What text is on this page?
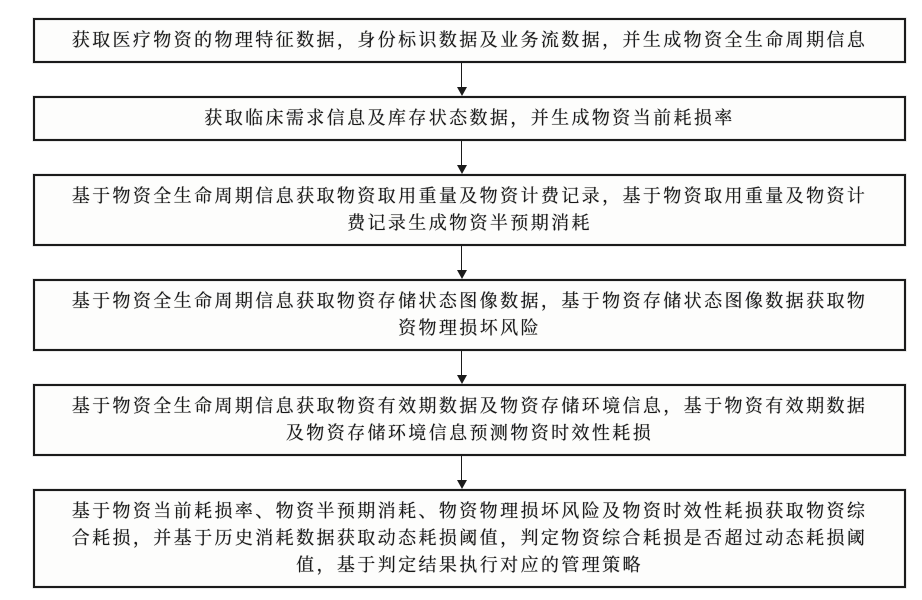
获取医疗物资的物理特征数据，身份标识数据及业务流数据，并生成物资全生命周期信息
获取临床需求信息及库存状态数据，并生成物资当前耗损率
基于物资全生命周期信息获取物资取用重量及物资计费记录，基于物资取用重量及物资计
费记录生成物资半预期消耗
基于物资全生命周期信息获取物资存储状态图像数据，基于物资存储状态图像数据获取物
资物理损坏风险
基于物资全生命周期信息获取物资有效期数据及物资存储环境信息，基于物资有效期数据
及物资存储环境信息预测物资时效性耗损
基于物资当前耗损率、物资半预期消耗、物资物理损坏风险及物资时效性耗损获取物资综
合耗损，并基于历史消耗数据获取动态耗损阈值，判定物资综合耗损是否超过动态耗损阈
值，基于判定结果执行对应的管理策略
